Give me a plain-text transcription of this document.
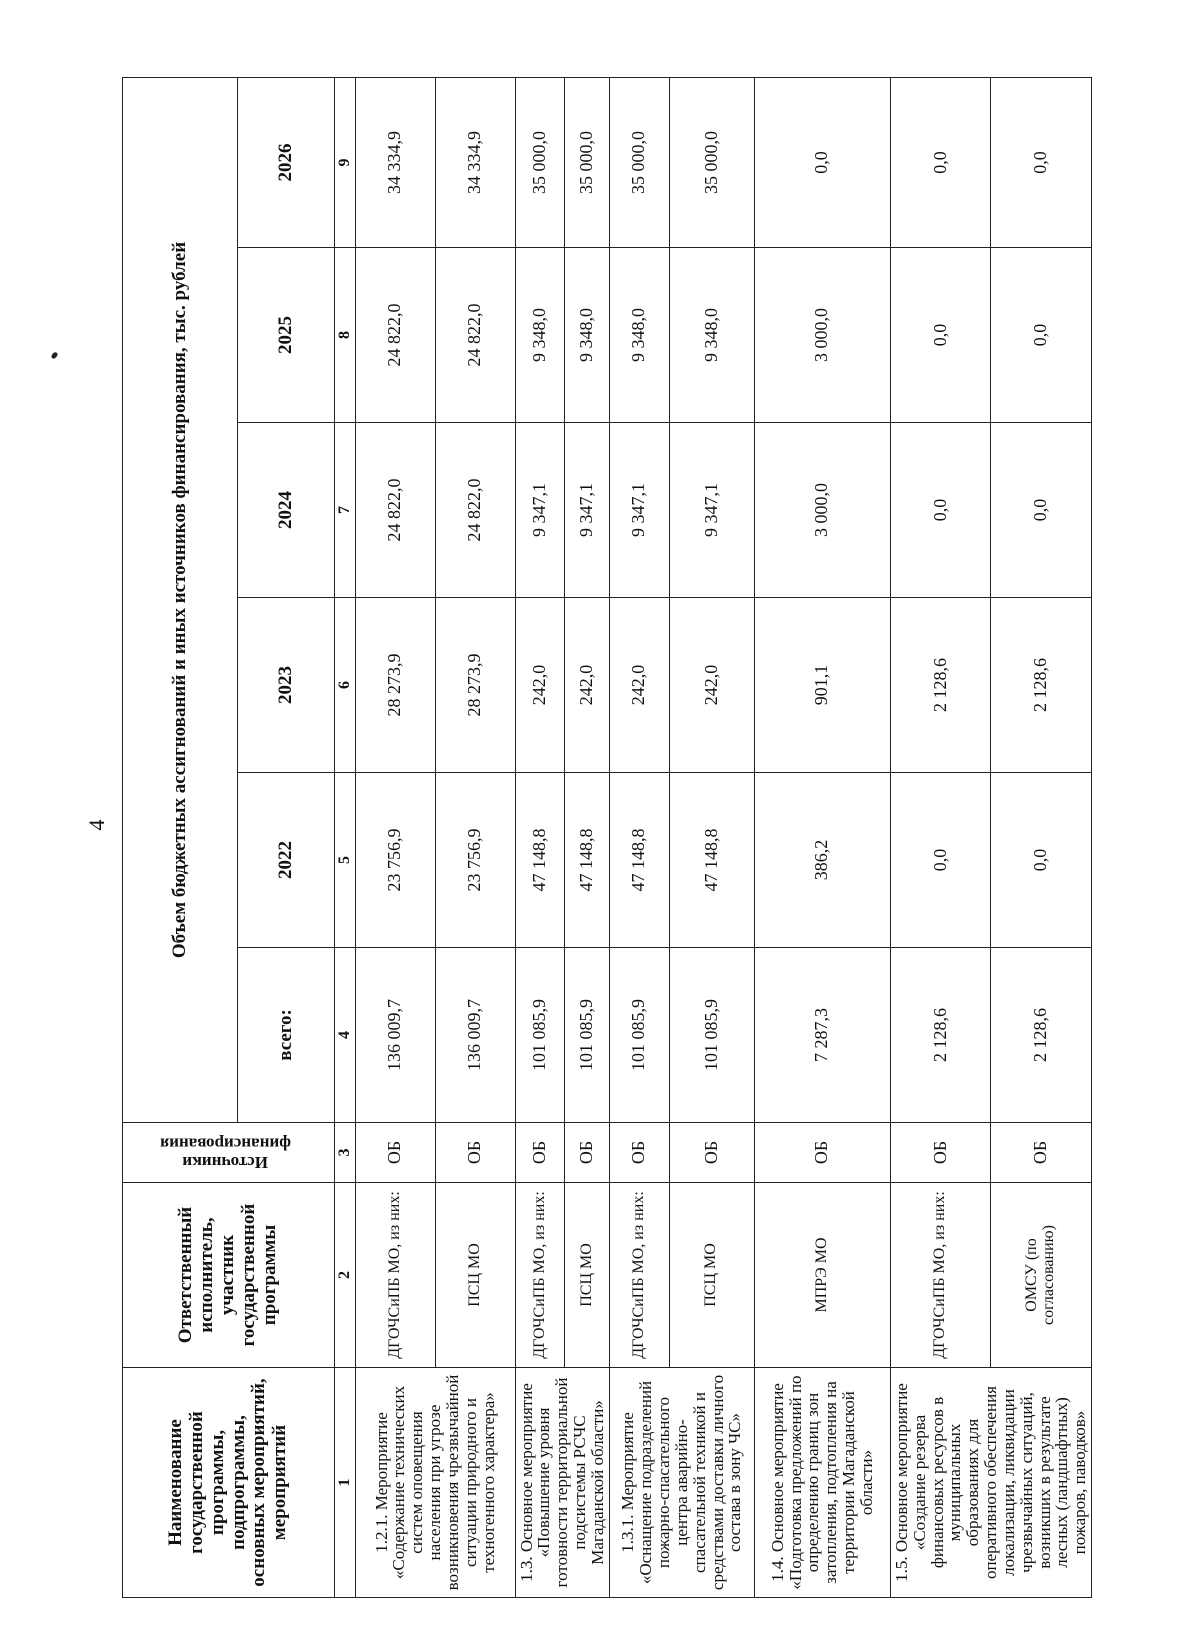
4
Наименование государственной программы, подпрограммы, основных мероприятий, мероприятий	Ответственный исполнитель, участник государственной программы	Источники финансирования	Объем бюджетных ассигнований и иных источников финансирования, тыс. рублей					
			всего:	2022	2023	2024	2025	2026
1	2	3	4	5	6	7	8	9
1.2.1. Мероприятие «Содержание технических систем оповещения населения при угрозе возникновения чрезвычайной ситуации природного и техногенного характера»	ДГОЧСиПБ МО, из них:	ОБ	136 009,7	23 756,9	28 273,9	24 822,0	24 822,0	34 334,9
	ПСЦ МО	ОБ	136 009,7	23 756,9	28 273,9	24 822,0	24 822,0	34 334,9
1.3. Основное мероприятие «Повышение уровня готовности территориальной подсистемы РСЧС Магаданской области»	ДГОЧСиПБ МО, из них:	ОБ	101 085,9	47 148,8	242,0	9 347,1	9 348,0	35 000,0
	ПСЦ МО	ОБ	101 085,9	47 148,8	242,0	9 347,1	9 348,0	35 000,0
1.3.1. Мероприятие «Оснащение подразделений пожарно-спасательного центра аварийно-спасательной техникой и средствами доставки личного состава в зону ЧС»	ДГОЧСиПБ МО, из них:	ОБ	101 085,9	47 148,8	242,0	9 347,1	9 348,0	35 000,0
	ПСЦ МО	ОБ	101 085,9	47 148,8	242,0	9 347,1	9 348,0	35 000,0
1.4. Основное мероприятие «Подготовка предложений по определению границ зон затопления, подтопления на территории Магаданской области»	МПРЭ МО	ОБ	7 287,3	386,2	901,1	3 000,0	3 000,0	0,0
1.5. Основное мероприятие «Создание резерва финансовых ресурсов в муниципальных образованиях для оперативного обеспечения локализации, ликвидации чрезвычайных ситуаций, возникших в результате лесных (ландшафтных) пожаров, паводков»	ДГОЧСиПБ МО, из них:	ОБ	2 128,6	0,0	2 128,6	0,0	0,0	0,0
	ОМСУ (по согласованию)	ОБ	2 128,6	0,0	2 128,6	0,0	0,0	0,0
